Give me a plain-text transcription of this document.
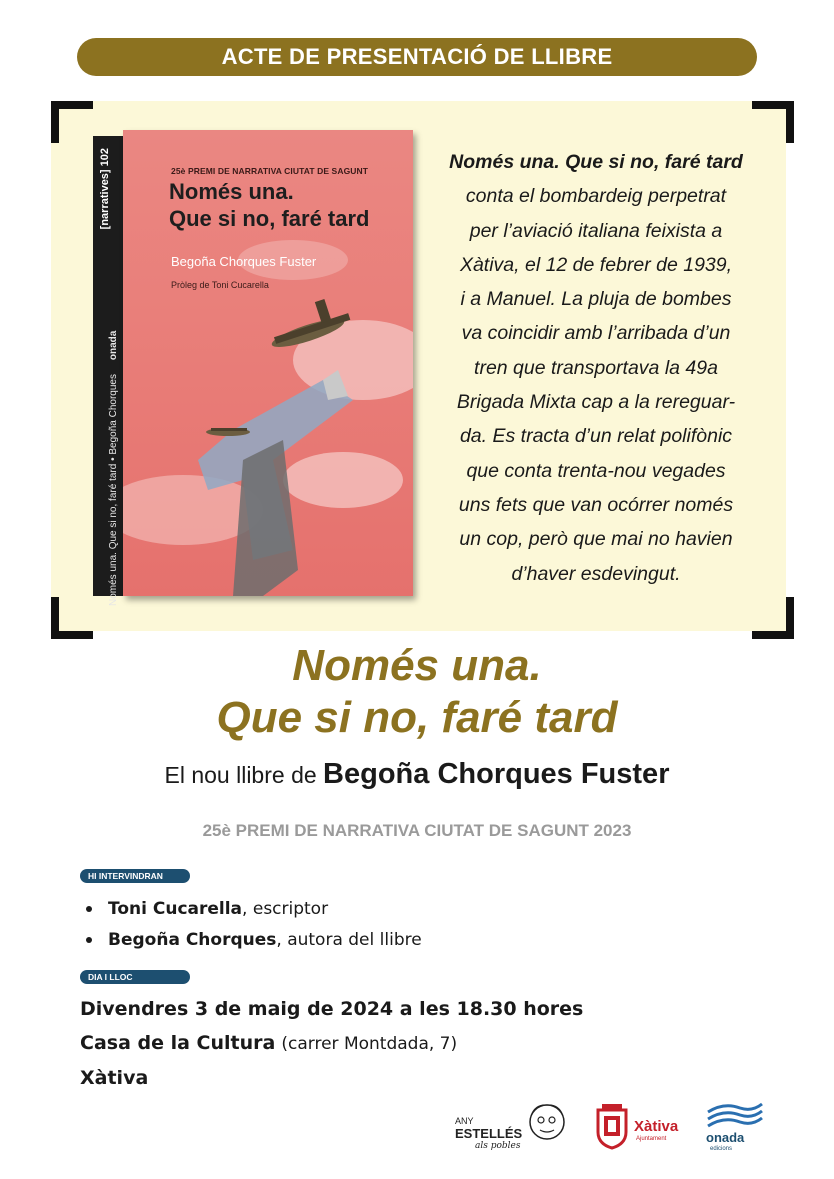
ACTE DE PRESENTACIÓ DE LLIBRE
[narratives] 102
Només una. Que si no, faré tard • Begoña Chorques     onada
25è PREMI DE NARRATIVA CIUTAT DE SAGUNT
Només una.
Que si no, faré tard
Begoña Chorques Fuster
Pròleg de Toni Cucarella
Només una. Que si no, faré tard
conta el bombardeig perpetrat
per l’aviació italiana feixista a
Xàtiva, el 12 de febrer de 1939,
i a Manuel. La pluja de bombes
va coincidir amb l’arribada d’un
tren que transportava la 49a
Brigada Mixta cap a la rereguar-
da. Es tracta d’un relat polifònic
que conta trenta-nou vegades
uns fets que van ocórrer només
un cop, però que mai no havien
d’haver esdevingut.
Només una.
Que si no, faré tard
El nou llibre de Begoña Chorques Fuster
25è PREMI DE NARRATIVA CIUTAT DE SAGUNT 2023
HI INTERVINDRAN
Toni Cucarella , escriptor
Begoña Chorques , autora del llibre
DIA I LLOC
Divendres 3 de maig de 2024 a les 18.30 hores
Casa de la Cultura (carrer Montdada, 7)
Xàtiva
ANY
ESTELLÉS
als pobles
Xàtiva
Ajuntament	onada
edicions
